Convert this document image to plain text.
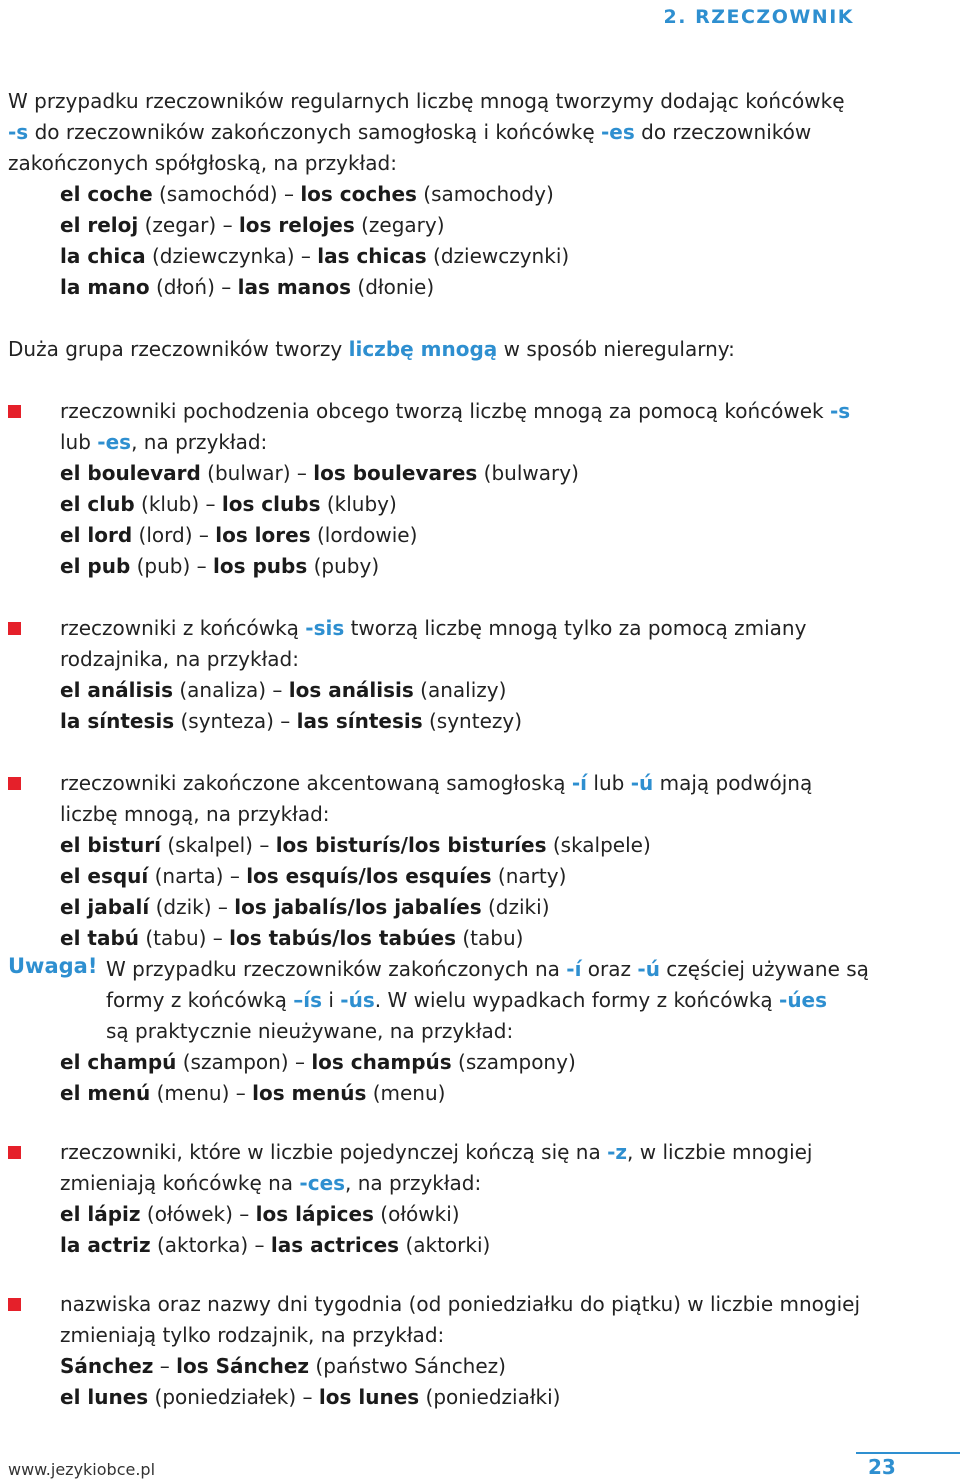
2. RZECZOWNIK
W przypadku rzeczowników regularnych liczbę mnogą tworzymy dodając końcówkę
-s do rzeczowników zakończonych samogłoską i końcówkę -es do rzeczowników
zakończonych spółgłoską, na przykład:
el coche (samochód) – los coches (samochody)
el reloj (zegar) – los relojes (zegary)
la chica (dziewczynka) – las chicas (dziewczynki)
la mano (dłoń) – las manos (dłonie)
Duża grupa rzeczowników tworzy liczbę mnogą w sposób nieregularny:
rzeczowniki pochodzenia obcego tworzą liczbę mnogą za pomocą końcówek -s
lub -es, na przykład:
el boulevard (bulwar) – los boulevares (bulwary)
el club (klub) – los clubs (kluby)
el lord (lord) – los lores (lordowie)
el pub (pub) – los pubs (puby)
rzeczowniki z końcówką -sis tworzą liczbę mnogą tylko za pomocą zmiany
rodzajnika, na przykład:
el análisis (analiza) – los análisis (analizy)
la síntesis (synteza) – las síntesis (syntezy)
rzeczowniki zakończone akcentowaną samogłoską -í lub -ú mają podwójną
liczbę mnogą, na przykład:
el bisturí (skalpel) – los bisturís/los bisturíes (skalpele)
el esquí (narta) – los esquís/los esquíes (narty)
el jabalí (dzik) – los jabalís/los jabalíes (dziki)
el tabú (tabu) – los tabús/los tabúes (tabu)
Uwaga! W przypadku rzeczowników zakończonych na -í oraz -ú częściej używane są
formy z końcówką –ís i -ús. W wielu wypadkach formy z końcówką -úes
są praktycznie nieużywane, na przykład:
el champú (szampon) – los champús (szampony)
el menú (menu) – los menús (menu)
rzeczowniki, które w liczbie pojedynczej kończą się na -z, w liczbie mnogiej
zmieniają końcówkę na -ces, na przykład:
el lápiz (ołówek) – los lápices (ołówki)
la actriz (aktorka) – las actrices (aktorki)
nazwiska oraz nazwy dni tygodnia (od poniedziałku do piątku) w liczbie mnogiej
zmieniają tylko rodzajnik, na przykład:
Sánchez – los Sánchez (państwo Sánchez)
el lunes (poniedziałek) – los lunes (poniedziałki)
www.jezykiobce.pl	23
